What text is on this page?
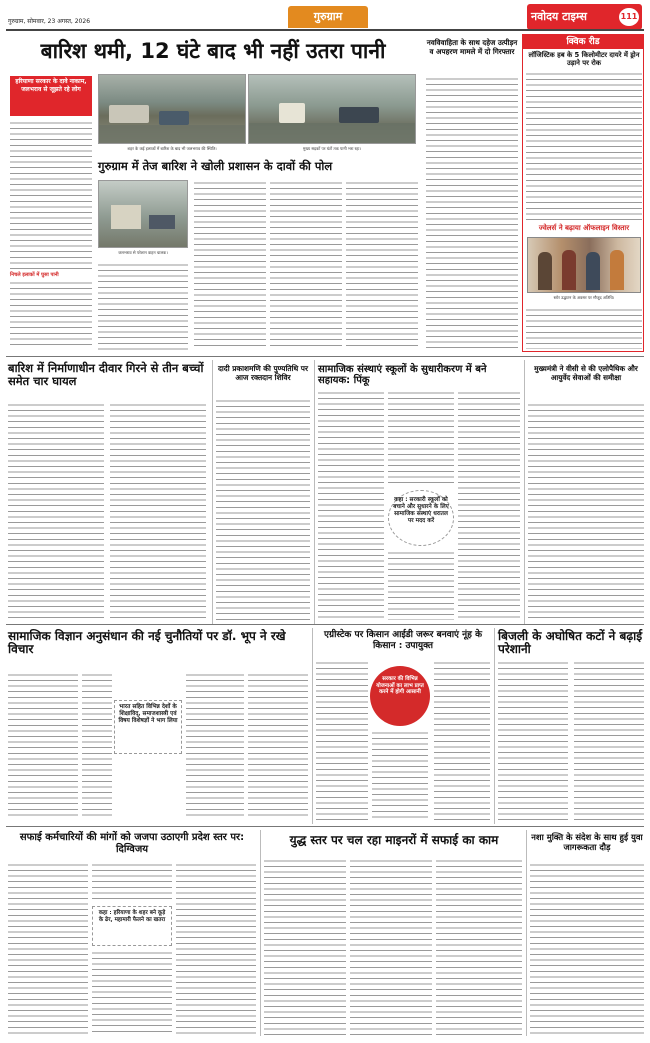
गुरुग्राम, सोमवार, 23 अगस्त, 2026	गुरुग्राम	नवोदय टाइम्स	111
बारिश थमी, 12 घंटे बाद भी नहीं उतरा पानी
हरियाणा सरकार के दावे नाकाम, जलभराव से जूझते रहे लोग
निचले इलाकों में घुसा पानी
शहर के कई इलाकों में बारिश के बाद भी जलभराव की स्थिति।	मुख्य सड़कों पर घंटों तक पानी भरा रहा।
गुरुग्राम में तेज बारिश ने खोली प्रशासन के दावों की पोल
जलभराव से परेशान वाहन चालक।
नवविवाहिता के साथ दहेज उत्पीड़न व अपहरण मामले में दो गिरफ्तार
क्विक रीड
लॉजिस्टिक हब के 5 किलोमीटर दायरे में ड्रोन उड़ाने पर रोक
ज्वेलर्स ने बढ़ाया ऑफलाइन विस्तार
स्टोर उद्घाटन के अवसर पर मौजूद अतिथि।
बारिश में निर्माणाधीन दीवार गिरने से तीन बच्चों समेत चार घायल
दादी प्रकाशमणि की पुण्यतिथि पर आज रक्तदान शिविर
सामाजिक संस्थाएं स्कूलों के सुधारीकरण में बने सहायक: पिंकू
कहा : सरकारी स्कूलों को बचाने और सुधारने के लिए सामाजिक संस्थाएं धरातल पर मदद करें
मुख्यमंत्री ने वीसी से की एलोपैथिक और आयुर्वेद सेवाओं की समीक्षा
सामाजिक विज्ञान अनुसंधान की नई चुनौतियों पर डॉ. भूप ने रखे विचार
भारत सहित विभिन्न देशों के शिक्षाविद्, समाजशास्त्री एवं विषय विशेषज्ञों ने भाग लिया
एग्रीस्टेक पर किसान आईडी जरूर बनवाएं नूंह के किसान : उपायुक्त
सरकार की विभिन्न योजनाओं का लाभ प्राप्त करने में होगी आसानी
बिजली के अघोषित कटों ने बढ़ाई परेशानी
सफाई कर्मचारियों की मांगों को जजपा उठाएगी प्रदेश स्तर पर: दिग्विजय
कहा : हरियाणा के शहर बने कूड़े के ढेर, महामारी फैलने का खतरा
युद्ध स्तर पर चल रहा माइनरों में सफाई का काम	नशा मुक्ति के संदेश के साथ हुई युवा जागरूकता दौड़
